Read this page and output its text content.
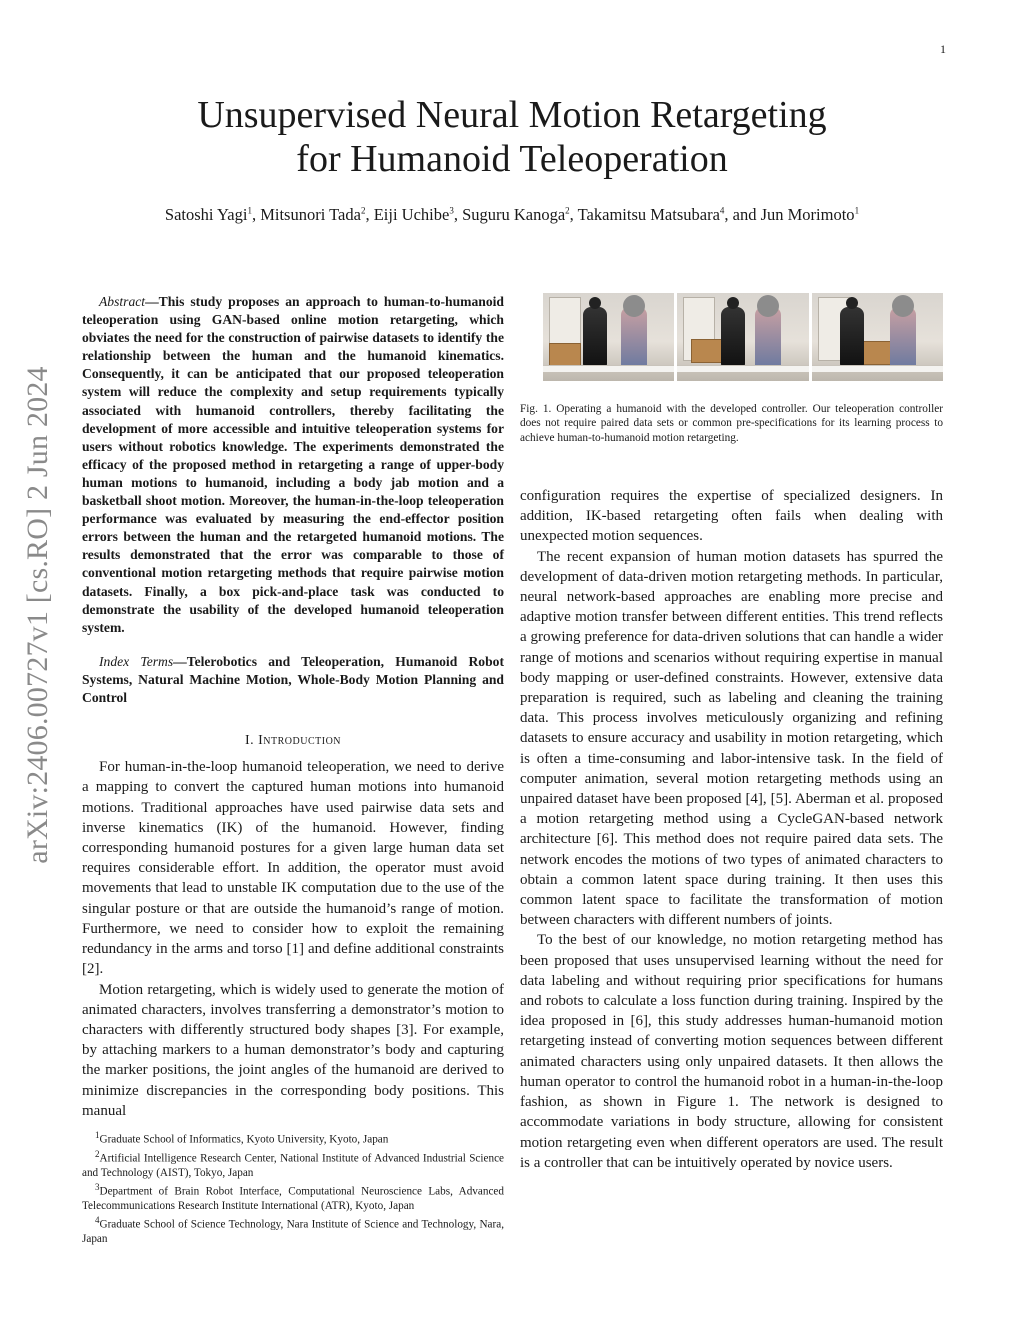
1
Unsupervised Neural Motion Retargeting
for Humanoid Teleoperation
Satoshi Yagi$^1$, Mitsunori Tada$^2$, Eiji Uchibe$^3$, Suguru Kanoga$^2$, Takamitsu Matsubara$^4$, and Jun Morimoto$^1$
arXiv:2406.00727v1 [cs.RO] 2 Jun 2024

Abstract—This study proposes an approach to human-to-humanoid teleoperation using GAN-based online motion retargeting, which obviates the need for the construction of pairwise datasets to identify the relationship between the human and the humanoid kinematics. Consequently, it can be anticipated that our proposed teleoperation system will reduce the complexity and setup requirements typically associated with humanoid controllers, thereby facilitating the development of more accessible and intuitive teleoperation systems for users without robotics knowledge. The experiments demonstrated the efficacy of the proposed method in retargeting a range of upper-body human motions to humanoid, including a body jab motion and a basketball shoot motion. Moreover, the human-in-the-loop teleoperation performance was evaluated by measuring the end-effector position errors between the human and the retargeted humanoid motions. The results demonstrated that the error was comparable to those of conventional motion retargeting methods that require pairwise motion datasets. Finally, a box pick-and-place task was conducted to demonstrate the usability of the developed humanoid teleoperation system.

Index Terms—Telerobotics and Teleoperation, Humanoid Robot Systems, Natural Machine Motion, Whole-Body Motion Planning and Control

I. Introduction

For human-in-the-loop humanoid teleoperation, we need to derive a mapping to convert the captured human motions into humanoid motions. Traditional approaches have used pairwise data sets and inverse kinematics (IK) of the humanoid. However, finding corresponding humanoid postures for a given large human data set requires considerable effort. In addition, the operator must avoid movements that lead to unstable IK computation due to the use of the singular posture or that are outside the humanoid’s range of motion. Furthermore, we need to consider how to exploit the remaining redundancy in the arms and torso [1] and define additional constraints [2].

Motion retargeting, which is widely used to generate the motion of animated characters, involves transferring a demonstrator’s motion to characters with differently structured body shapes [3]. For example, by attaching markers to a human demonstrator’s body and capturing the marker positions, the joint angles of the humanoid are derived to minimize discrepancies in the corresponding body positions. This manual

$^1$Graduate School of Informatics, Kyoto University, Kyoto, Japan

$^2$Artificial Intelligence Research Center, National Institute of Advanced Industrial Science and Technology (AIST), Tokyo, Japan

$^3$Department of Brain Robot Interface, Computational Neuroscience Labs, Advanced Telecommunications Research Institute International (ATR), Kyoto, Japan

$^4$Graduate School of Science Technology, Nara Institute of Science and Technology, Nara, Japan

Fig. 1. Operating a humanoid with the developed controller. Our teleoperation controller does not require paired data sets or common pre-specifications for its learning process to achieve human-to-humanoid motion retargeting.

configuration requires the expertise of specialized designers. In addition, IK-based retargeting often fails when dealing with unexpected motion sequences.

The recent expansion of human motion datasets has spurred the development of data-driven motion retargeting methods. In particular, neural network-based approaches are enabling more precise and adaptive motion transfer between different entities. This trend reflects a growing preference for data-driven solutions that can handle a wider range of motions and scenarios without requiring expertise in manual body mapping or user-defined constraints. However, extensive data preparation is required, such as labeling and cleaning the training data. This process involves meticulously organizing and refining datasets to ensure accuracy and usability in motion retargeting, which is often a time-consuming and labor-intensive task. In the field of computer animation, several motion retargeting methods using an unpaired dataset have been proposed [4], [5]. Aberman et al. proposed a motion retargeting method using a CycleGAN-based network architecture [6]. This method does not require paired data sets. The network encodes the motions of two types of animated characters to obtain a common latent space during training. It then uses this common latent space to facilitate the transformation of motion between characters with different numbers of joints.

To the best of our knowledge, no motion retargeting method has been proposed that uses unsupervised learning without the need for data labeling and without requiring prior specifications for humans and robots to calculate a loss function during training. Inspired by the idea proposed in [6], this study addresses human-humanoid motion retargeting instead of converting motion sequences between different animated characters using only unpaired datasets. It then allows the human operator to control the humanoid robot in a human-in-the-loop fashion, as shown in Figure 1. The network is designed to accommodate variations in body structure, allowing for consistent motion retargeting even when different operators are used. The result is a controller that can be intuitively operated by novice users.
